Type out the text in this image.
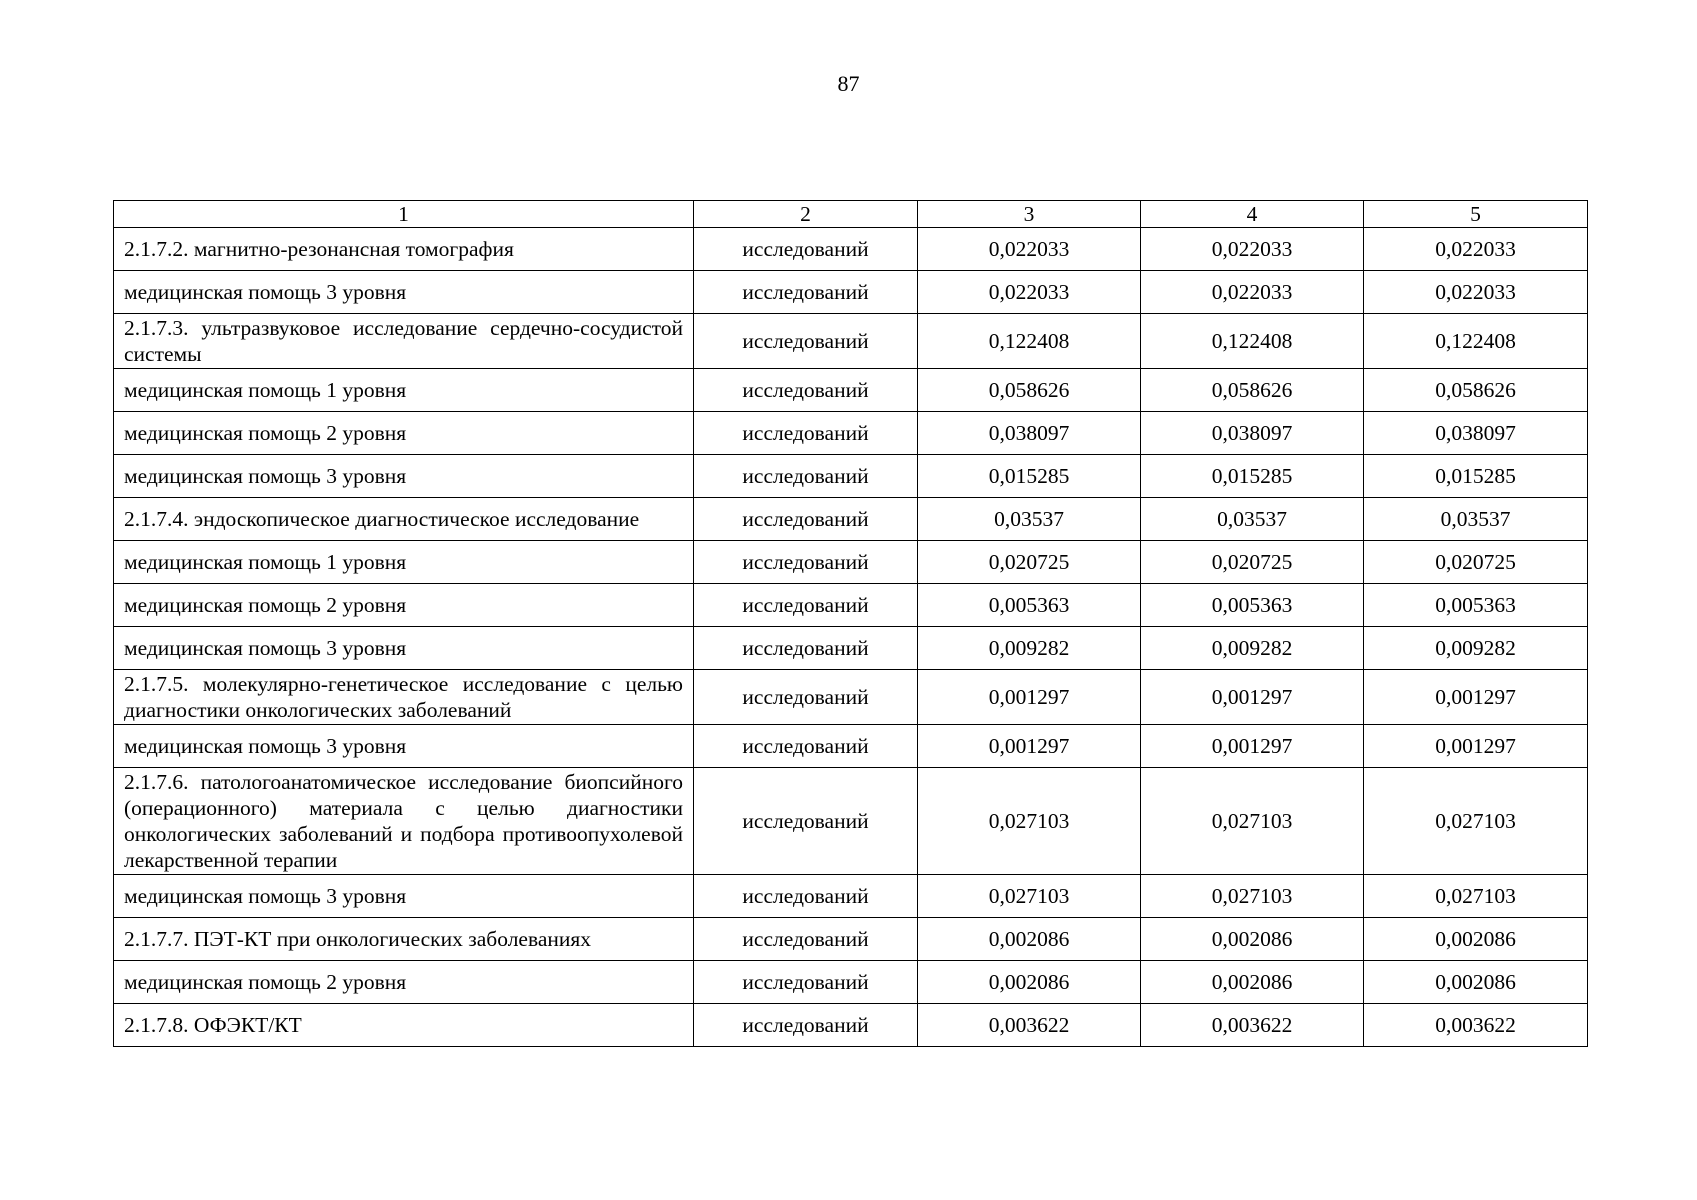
87
1	2	3	4	5
2.1.7.2. магнитно-резонансная томография	исследований	0,022033	0,022033	0,022033
медицинская помощь 3 уровня	исследований	0,022033	0,022033	0,022033
2.1.7.3. ультразвуковое исследование сердечно-сосудистой системы	исследований	0,122408	0,122408	0,122408
медицинская помощь 1 уровня	исследований	0,058626	0,058626	0,058626
медицинская помощь 2 уровня	исследований	0,038097	0,038097	0,038097
медицинская помощь 3 уровня	исследований	0,015285	0,015285	0,015285
2.1.7.4. эндоскопическое диагностическое исследование	исследований	0,03537	0,03537	0,03537
медицинская помощь 1 уровня	исследований	0,020725	0,020725	0,020725
медицинская помощь 2 уровня	исследований	0,005363	0,005363	0,005363
медицинская помощь 3 уровня	исследований	0,009282	0,009282	0,009282
2.1.7.5. молекулярно-генетическое исследование с целью диагностики онкологических заболеваний	исследований	0,001297	0,001297	0,001297
медицинская помощь 3 уровня	исследований	0,001297	0,001297	0,001297
2.1.7.6. патологоанатомическое исследование биопсийного (операционного) материала с целью диагностики онкологических заболеваний и подбора противоопухолевой лекарственной терапии	исследований	0,027103	0,027103	0,027103
медицинская помощь 3 уровня	исследований	0,027103	0,027103	0,027103
2.1.7.7. ПЭТ-КТ при онкологических заболеваниях	исследований	0,002086	0,002086	0,002086
медицинская помощь 2 уровня	исследований	0,002086	0,002086	0,002086
2.1.7.8. ОФЭКТ/КТ	исследований	0,003622	0,003622	0,003622
